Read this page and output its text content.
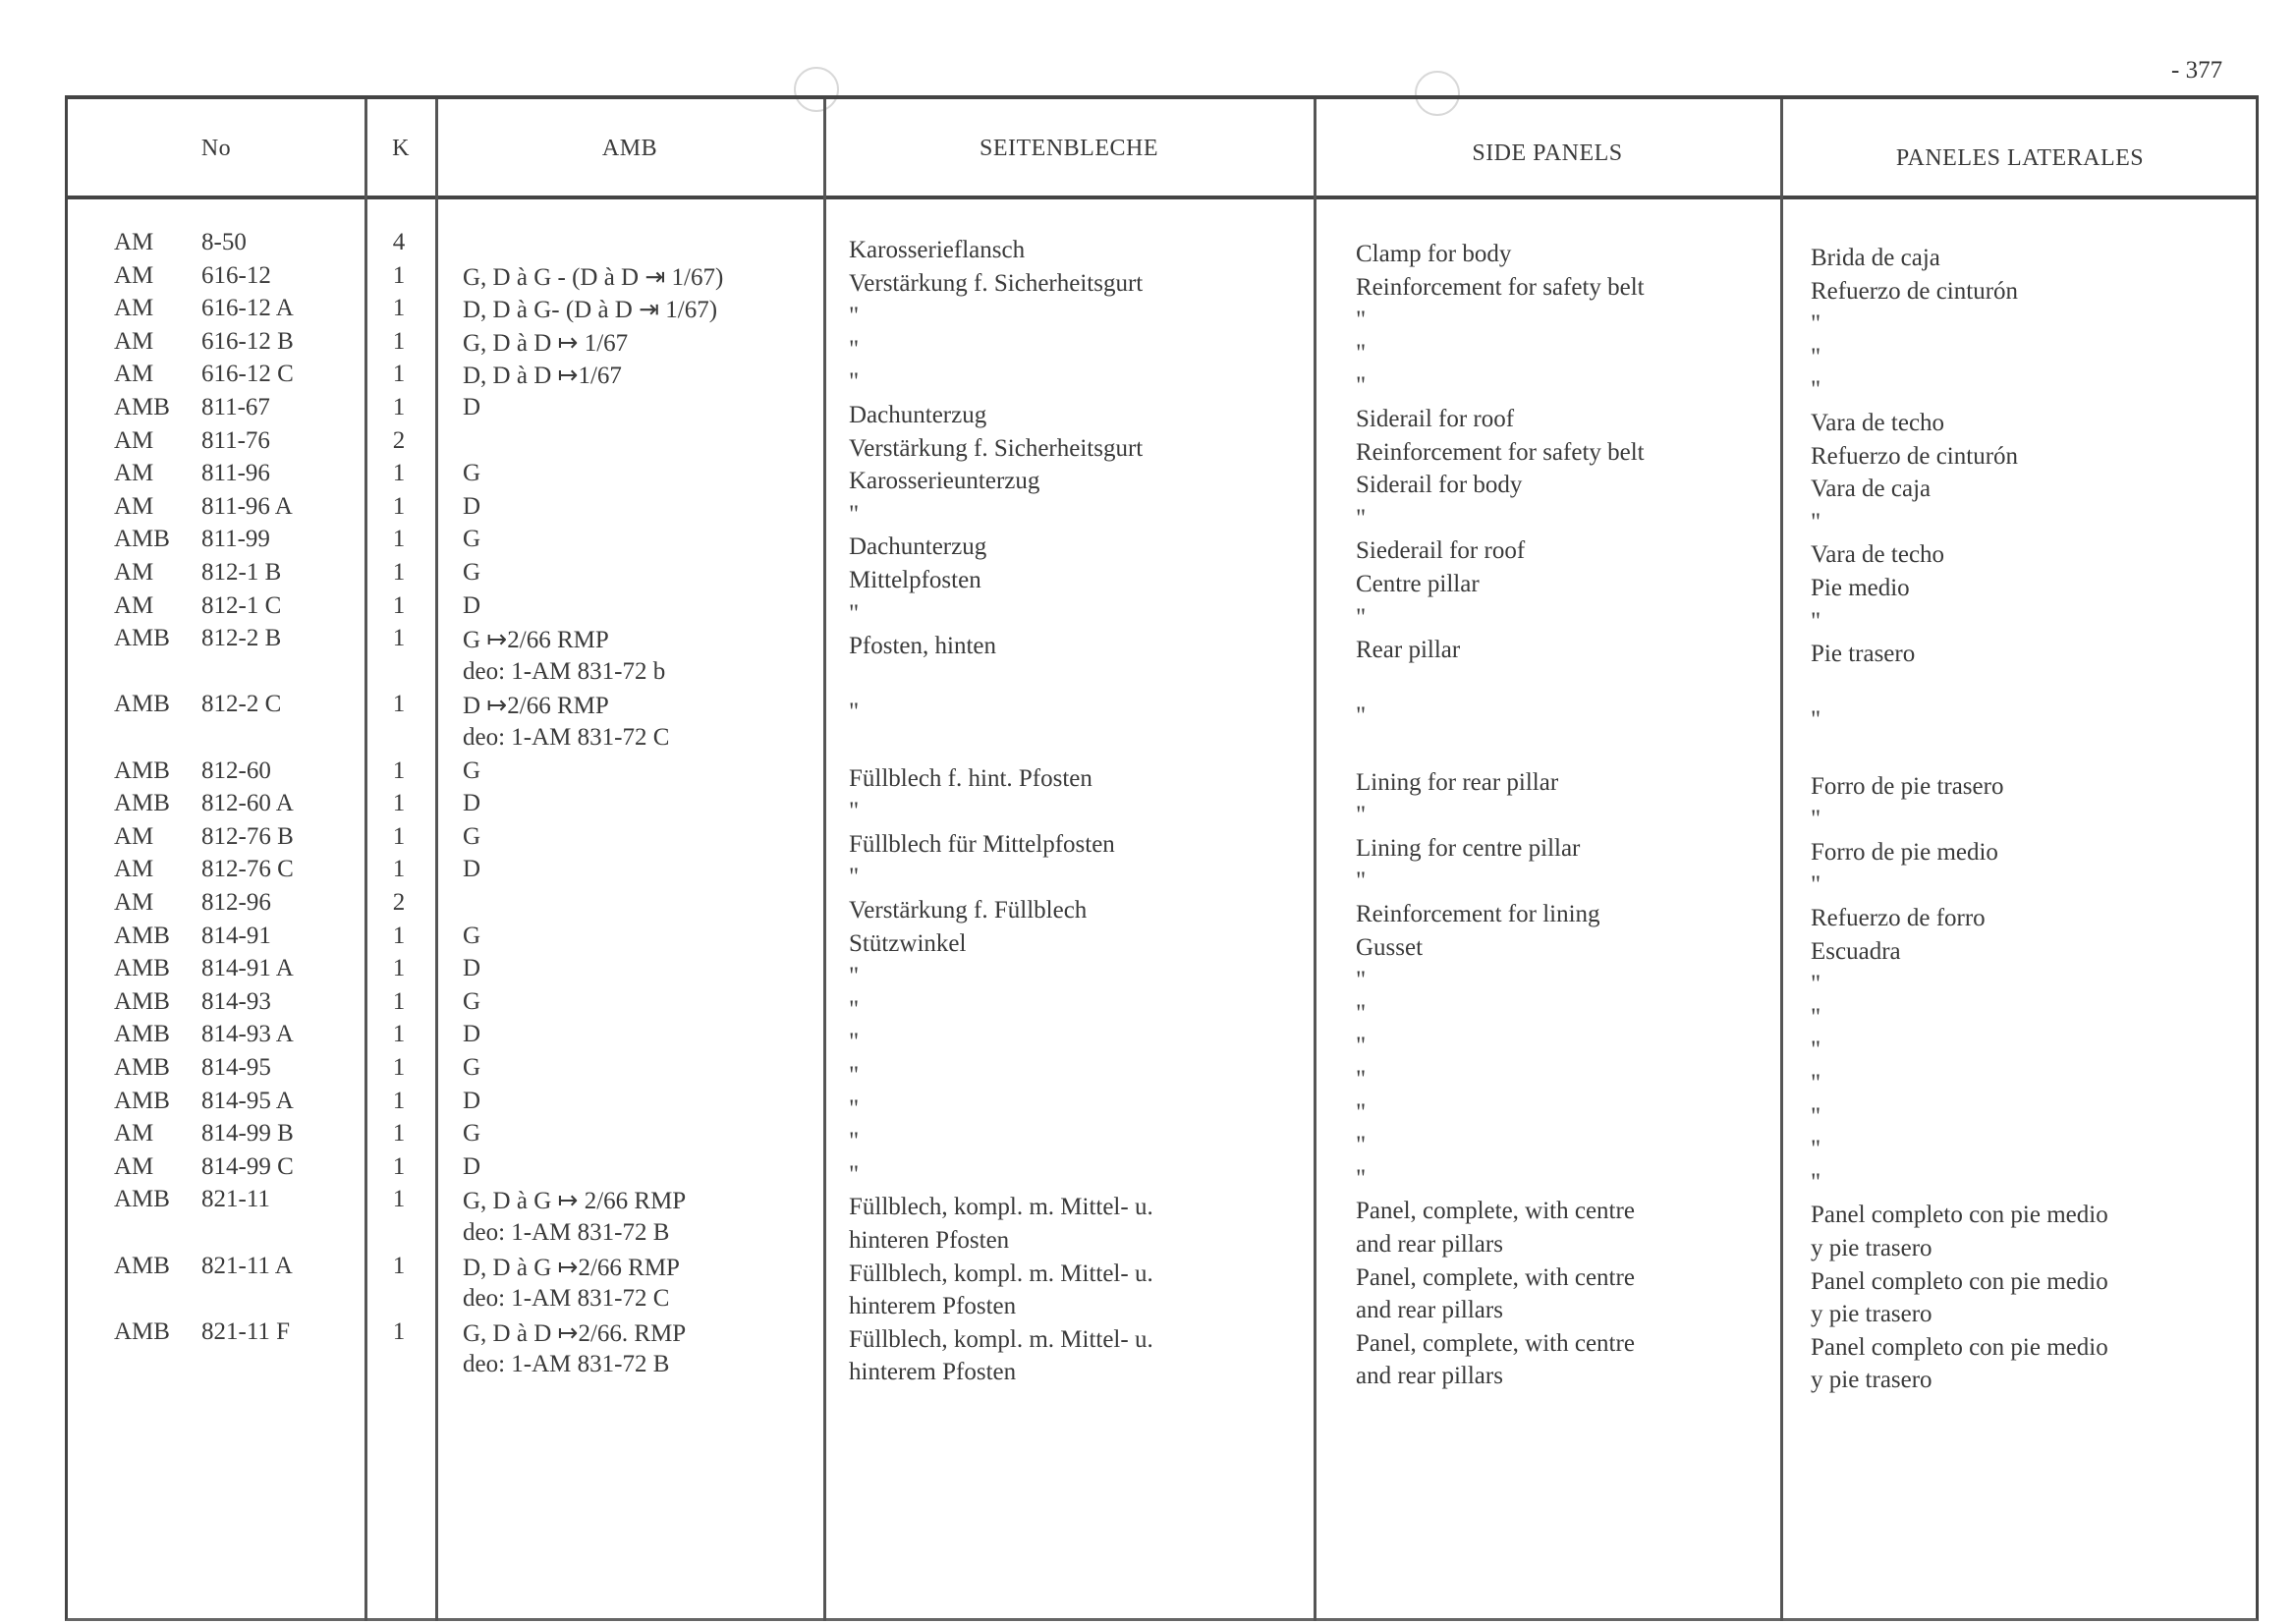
- 377
No	K	AMB	SEITENBLECHE	SIDE PANELS	PANELES LATERALES
AM 8-50	4	Karosserieflansch	Clamp for body	Brida de caja
AM 616-12	1 G, D à G - (D à D ⇥ 1/67)	Verstärkung f. Sicherheitsgurt	Reinforcement for safety belt	Refuerzo de cinturón
AM 616-12 A	1 D, D à G- (D à D ⇥ 1/67)	"	"	"
AM 616-12 B	1 G, D à D ↦ 1/67	"	"	"
AM 616-12 C	1 D, D à D ↦1/67	"	"	"
AMB 811-67	1 D	Dachunterzug	Siderail for roof	Vara de techo
AM 811-76	2	Verstärkung f. Sicherheitsgurt	Reinforcement for safety belt	Refuerzo de cinturón
AM 811-96	1 G	Karosserieunterzug	Siderail for body	Vara de caja
AM 811-96 A	1 D	"	"	"
AMB 811-99	1 G	Dachunterzug	Siederail for roof	Vara de techo
AM 812-1 B	1 G	Mittelpfosten	Centre pillar	Pie medio
AM 812-1 C	1 D	"	"	"
AMB 812-2 B	1 G ↦2/66 RMP	Pfosten, hinten	Rear pillar	Pie trasero
deo: 1-AM 831-72 b
AMB 812-2 C	1 D ↦2/66 RMP	"	"	"
deo: 1-AM 831-72 C
AMB 812-60	1 G	Füllblech f. hint. Pfosten	Lining for rear pillar	Forro de pie trasero
AMB 812-60 A	1 D	"	"	"
AM 812-76 B	1 G	Füllblech für Mittelpfosten	Lining for centre pillar	Forro de pie medio
AM 812-76 C	1 D	"	"	"
AM 812-96	2	Verstärkung f. Füllblech	Reinforcement for lining	Refuerzo de forro
AMB 814-91	1 G	Stützwinkel	Gusset	Escuadra
AMB 814-91 A	1 D	"	"	"
AMB 814-93	1 G	"	"	"
AMB 814-93 A	1 D	"	"	"
AMB 814-95	1 G	"	"	"
AMB 814-95 A	1 D	"	"	"
AM 814-99 B	1 G	"	"	"
AM 814-99 C	1 D	"	"	"
AMB 821-11	1 G, D à G ↦ 2/66 RMP	Füllblech, kompl. m. Mittel- u.	Panel, complete, with centre	Panel completo con pie medio
deo: 1-AM 831-72 B	hinteren Pfosten	and rear pillars	y pie trasero
AMB 821-11 A	1 D, D à G ↦2/66 RMP	Füllblech, kompl. m. Mittel- u.	Panel, complete, with centre	Panel completo con pie medio
deo: 1-AM 831-72 C	hinterem Pfosten	and rear pillars	y pie trasero
AMB 821-11 F	1 G, D à D ↦2/66. RMP	Füllblech, kompl. m. Mittel- u.	Panel, complete, with centre	Panel completo con pie medio
deo: 1-AM 831-72 B	hinterem Pfosten	and rear pillars	y pie trasero
